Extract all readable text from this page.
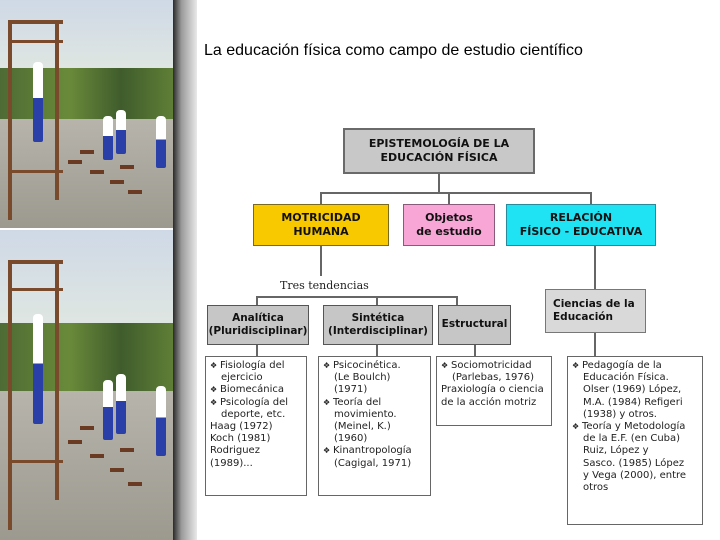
La educación física como campo de estudio científico
EPISTEMOLOGÍA DE LA
EDUCACIÓN FÍSICA
MOTRICIDAD
HUMANA
Objetos
de estudio
RELACIÓN
FÍSICO - EDUCATIVA
Tres tendencias
Analítica
(Pluridisciplinar)
Sintética
(Interdisciplinar)
Estructural
Ciencias de la
Educación

❖ Fisiología del

ejercicio

❖ Biomecánica

❖ Psicología del

deporte, etc.

Haag (1972)

Koch (1981)

Rodriguez

(1989)...

❖ Psicocinética.

(Le Boulch)

(1971)

❖ Teoría del

movimiento.

(Meinel, K.)

(1960)

❖ Kinantropología

(Cagigal, 1971)

❖ Sociomotricidad

(Parlebas, 1976)

Praxiología o ciencia

de la acción motriz

❖ Pedagogía de la

Educación Física.

Olser (1969) López,

M.A. (1984) Refigeri

(1938) y otros.

❖ Teoría y Metodología

de la E.F. (en Cuba)

Ruiz, López y

Sasco. (1985) López

y Vega (2000), entre

otros
